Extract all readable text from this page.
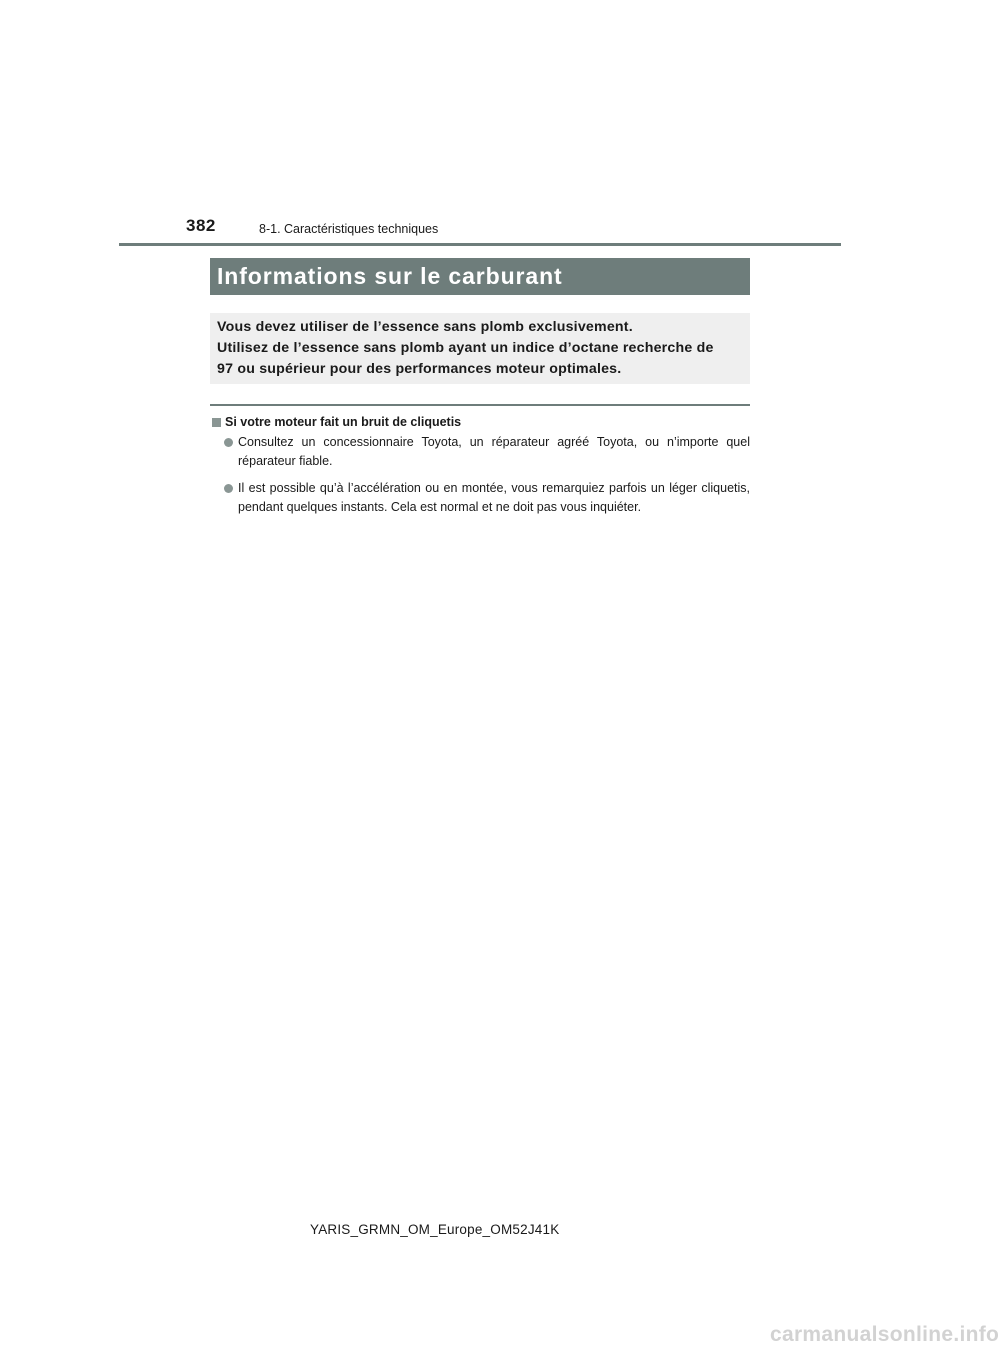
382	8-1. Caractéristiques techniques
Informations sur le carburant

Vous devez utiliser de l’essence sans plomb exclusivement.

Utilisez de l’essence sans plomb ayant un indice d’octane recherche de

97 ou supérieur pour des performances moteur optimales.

Si votre moteur fait un bruit de cliquetis
Consultez un concessionnaire Toyota, un réparateur agréé Toyota, ou n’importe quel réparateur fiable.
Il est possible qu’à l’accélération ou en montée, vous remarquiez parfois un léger cliquetis, pendant quelques instants. Cela est normal et ne doit pas vous inquiéter.
YARIS_GRMN_OM_Europe_OM52J41K
carmanualsonline.info
